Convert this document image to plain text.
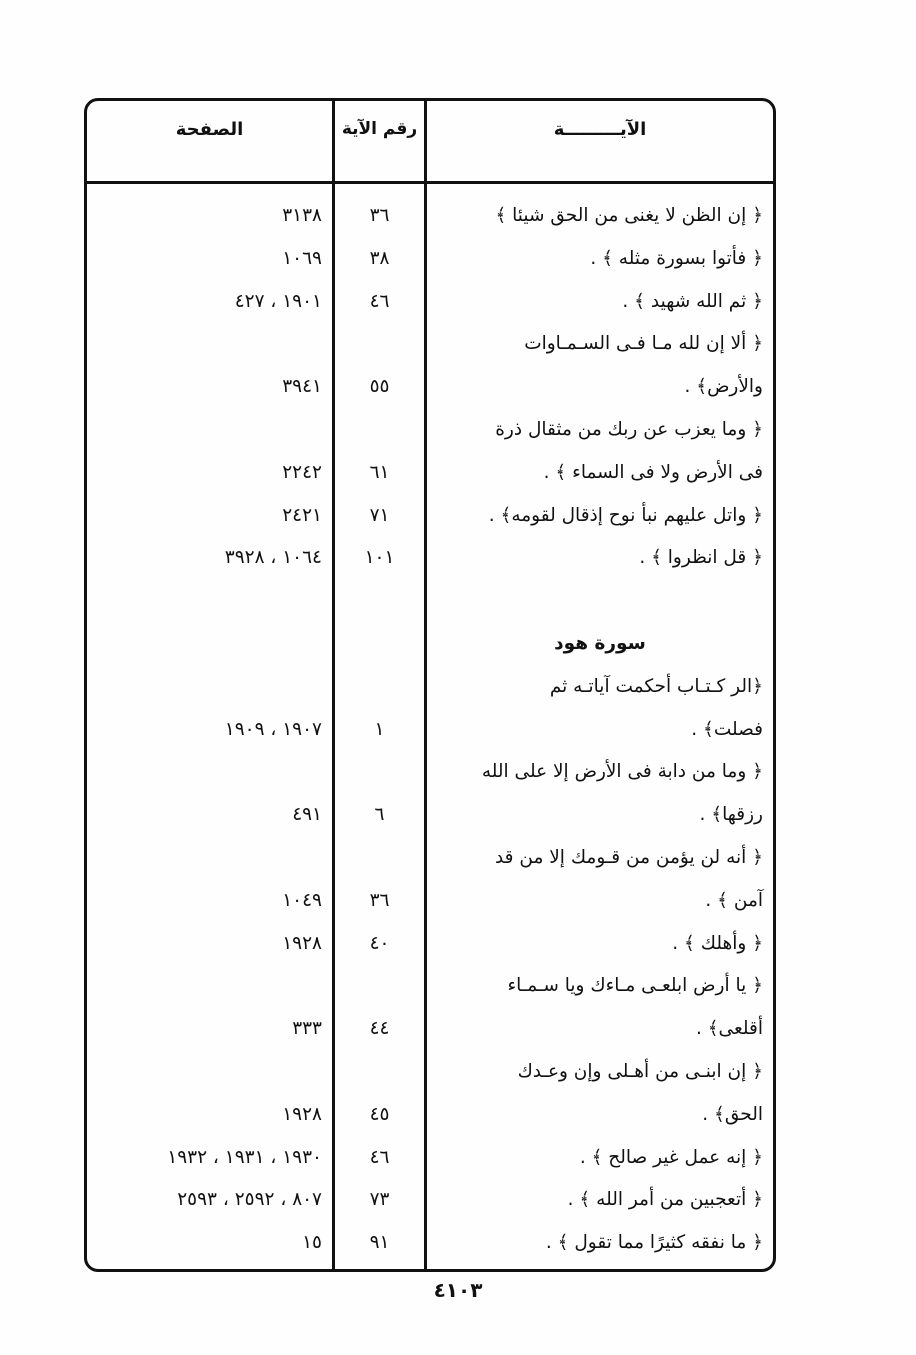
الآيـــــــــة
رقم الآية
الصفحة
﴿ إن الظن لا يغنى من الحق شيئا ﴾
٣٦
٣١٣٨
﴿ فأتوا بسورة مثله ﴾ .
٣٨
١٠٦٩
﴿ ثم الله شهيد ﴾ .
٤٦
١٩٠١ ، ٤٢٧
﴿ ألا إن لله مـا فـى السـمـاوات
والأرض﴾ .
٥٥
٣٩٤١
﴿ وما يعزب عن ربك من مثقال ذرة
فى الأرض ولا فى السماء ﴾ .
٦١
٢٢٤٢
﴿ واتل عليهم نبأ نوح إذقال لقومه﴾ .
٧١
٢٤٢١
﴿ قل انظروا ﴾ .
١٠١
١٠٦٤ ، ٣٩٢٨
سورة هود
﴿الر كـتـاب أحكمت آياتـه ثم
فصلت﴾ .
١
١٩٠٧ ، ١٩٠٩
﴿ وما من دابة فى الأرض إلا على الله
رزقها﴾ .
٦
٤٩١
﴿ أنه لن يؤمن من قـومك إلا من قد
آمن ﴾ .
٣٦
١٠٤٩
﴿ وأهلك ﴾ .
٤٠
١٩٢٨
﴿ يا أرض ابلعـى مـاءك ويا سـمـاء
أقلعى﴾ .
٤٤
٣٣٣
﴿ إن ابنـى من أهـلى وإن وعـدك
الحق﴾ .
٤٥
١٩٢٨
﴿ إنه عمل غير صالح ﴾ .
٤٦
١٩٣٠ ، ١٩٣١ ، ١٩٣٢
﴿ أتعجبين من أمر الله ﴾ .
٧٣
٨٠٧ ، ٢٥٩٢ ، ٢٥٩٣
﴿ ما نفقه كثيرًا مما تقول ﴾ .
٩١
١٥
٤١٠٣
